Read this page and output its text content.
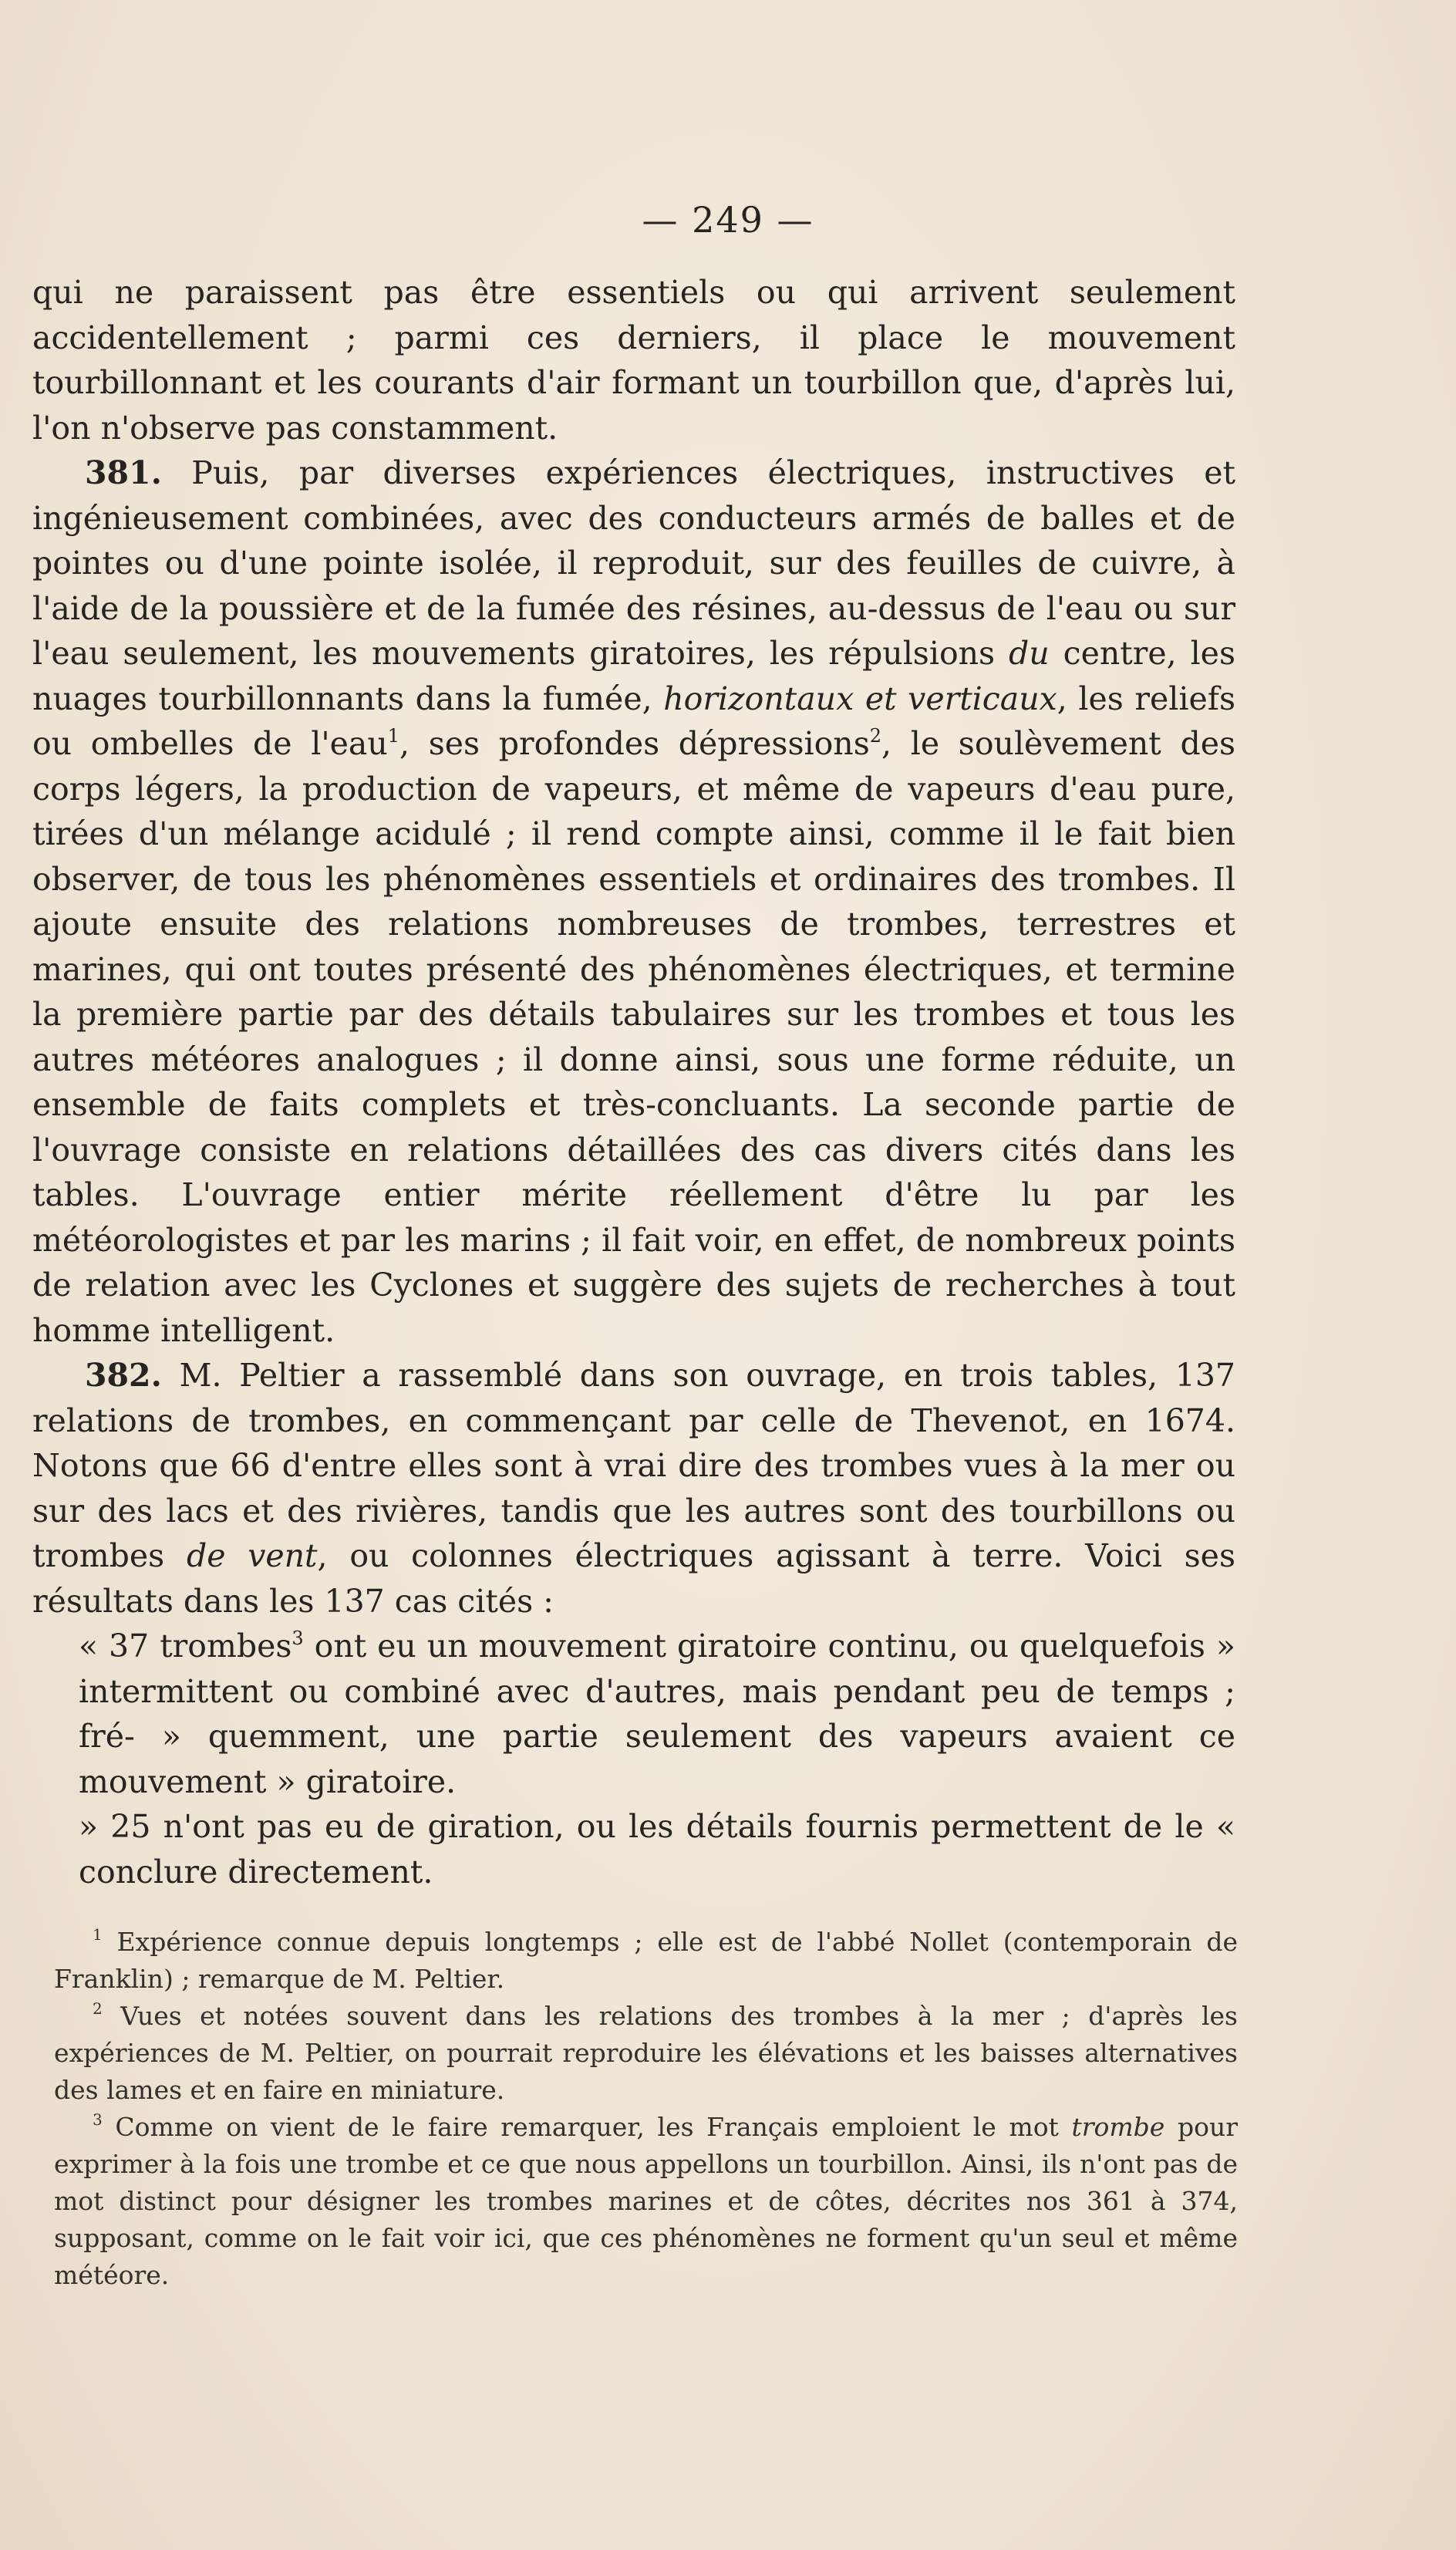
— 249 —

qui ne paraissent pas être essentiels ou qui arrivent seulement accidentellement ; parmi ces derniers, il place le mouvement tourbillonnant et les courants d'air formant un tourbillon que, d'après lui, l'on n'observe pas constamment.

381. Puis, par diverses expériences électriques, instructives et ingénieusement combinées, avec des conducteurs armés de balles et de pointes ou d'une pointe isolée, il reproduit, sur des feuilles de cuivre, à l'aide de la poussière et de la fumée des résines, au-dessus de l'eau ou sur l'eau seulement, les mouvements giratoires, les répulsions du centre, les nuages tourbillonnants dans la fumée, horizontaux et verticaux, les reliefs ou ombelles de l'eau$^1$, ses profondes dépressions$^2$, le soulèvement des corps légers, la production de vapeurs, et même de vapeurs d'eau pure, tirées d'un mélange acidulé ; il rend compte ainsi, comme il le fait bien observer, de tous les phénomènes essentiels et ordinaires des trombes. Il ajoute ensuite des relations nombreuses de trombes, terrestres et marines, qui ont toutes présenté des phénomènes électriques, et termine la première partie par des détails tabulaires sur les trombes et tous les autres météores analogues ; il donne ainsi, sous une forme réduite, un ensemble de faits complets et très-concluants. La seconde partie de l'ouvrage consiste en relations détaillées des cas divers cités dans les tables. L'ouvrage entier mérite réellement d'être lu par les météorologistes et par les marins ; il fait voir, en effet, de nombreux points de relation avec les Cyclones et suggère des sujets de recherches à tout homme intelligent.

382. M. Peltier a rassemblé dans son ouvrage, en trois tables, 137 relations de trombes, en commençant par celle de Thevenot, en 1674. Notons que 66 d'entre elles sont à vrai dire des trombes vues à la mer ou sur des lacs et des rivières, tandis que les autres sont des tourbillons ou trombes de vent, ou colonnes électriques agissant à terre. Voici ses résultats dans les 137 cas cités :

« 37 trombes$^3$ ont eu un mouvement giratoire continu, ou quelquefois » intermittent ou combiné avec d'autres, mais pendant peu de temps ; fré- » quemment, une partie seulement des vapeurs avaient ce mouvement » giratoire.

» 25 n'ont pas eu de giration, ou les détails fournis permettent de le « conclure directement.

$^1$ Expérience connue depuis longtemps ; elle est de l'abbé Nollet (contemporain de Franklin) ; remarque de M. Peltier.

$^2$ Vues et notées souvent dans les relations des trombes à la mer ; d'après les expériences de M. Peltier, on pourrait reproduire les élévations et les baisses alternatives des lames et en faire en miniature.

$^3$ Comme on vient de le faire remarquer, les Français emploient le mot trombe pour exprimer à la fois une trombe et ce que nous appellons un tourbillon. Ainsi, ils n'ont pas de mot distinct pour désigner les trombes marines et de côtes, décrites nos 361 à 374, supposant, comme on le fait voir ici, que ces phénomènes ne forment qu'un seul et même météore.
